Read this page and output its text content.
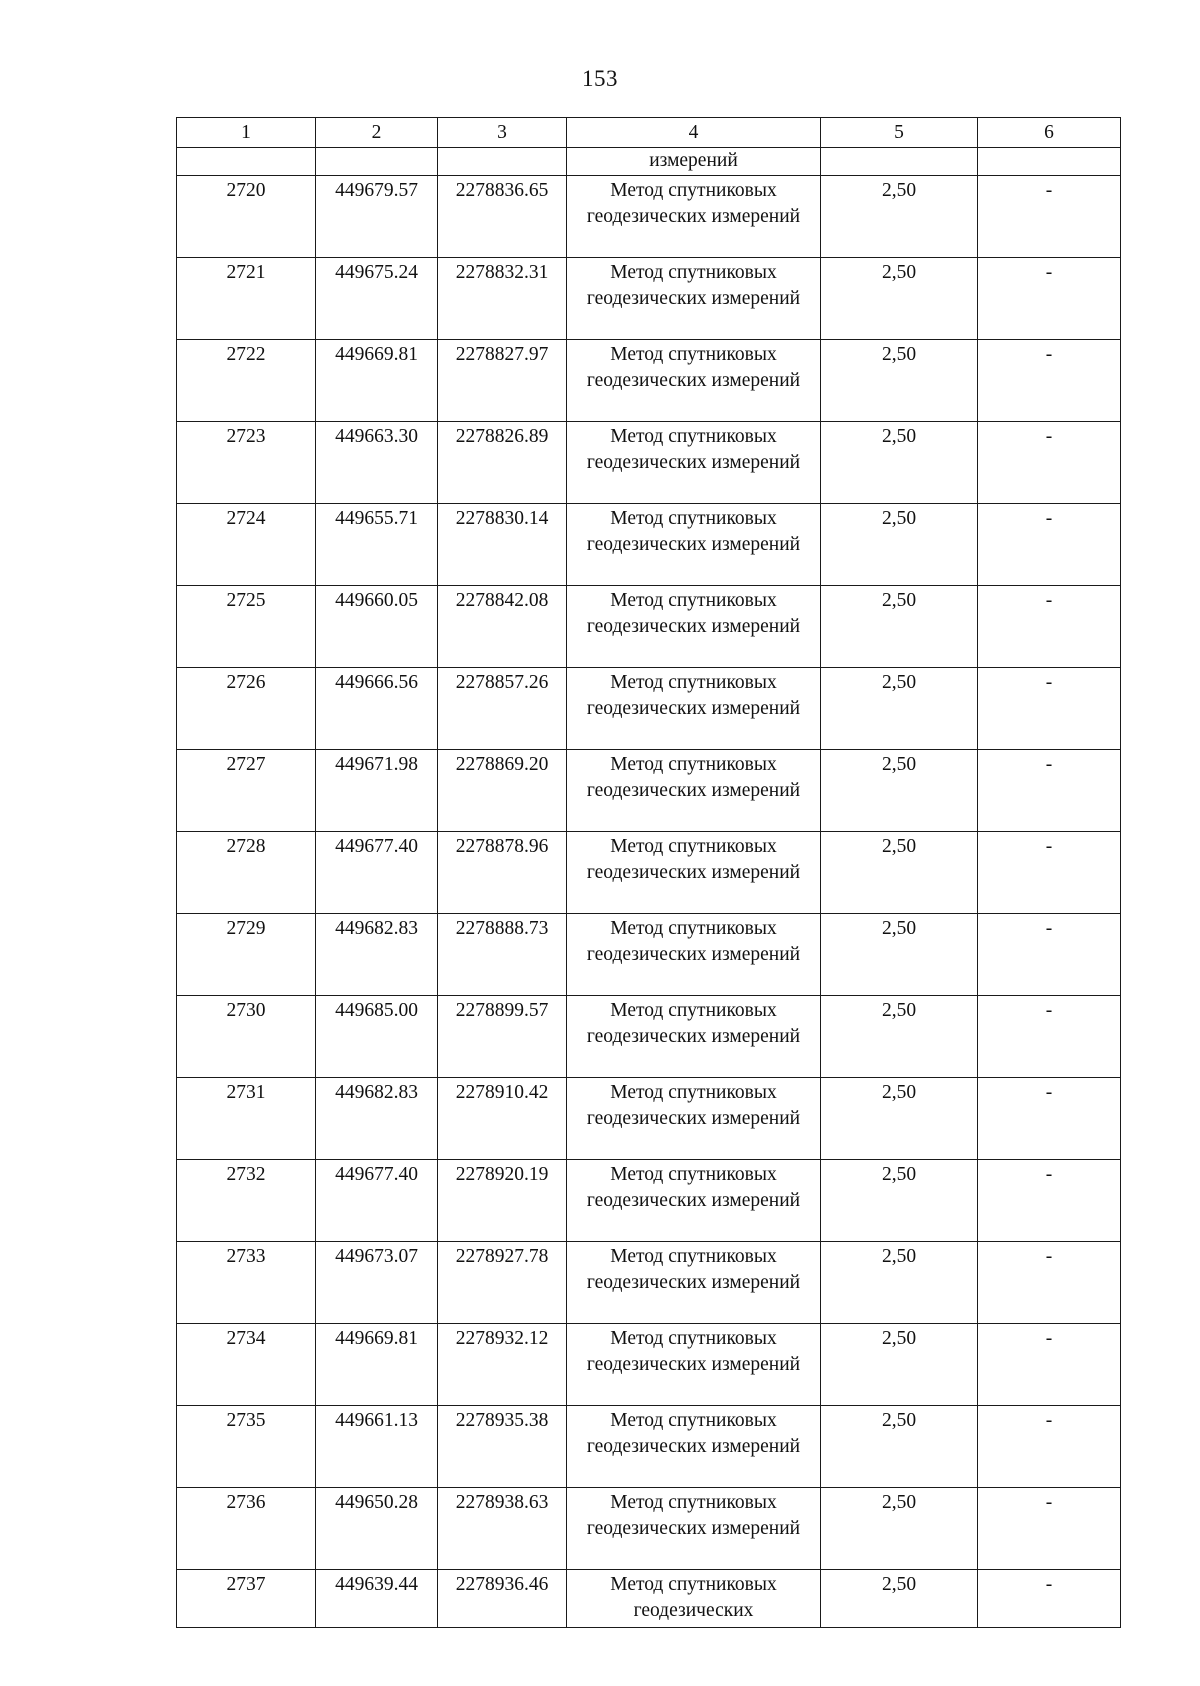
153
1	2	3	4	5	6
			измерений		
2720	449679.57	2278836.65	Метод спутниковых геодезических измерений	2,50	-
2721	449675.24	2278832.31	Метод спутниковых геодезических измерений	2,50	-
2722	449669.81	2278827.97	Метод спутниковых геодезических измерений	2,50	-
2723	449663.30	2278826.89	Метод спутниковых геодезических измерений	2,50	-
2724	449655.71	2278830.14	Метод спутниковых геодезических измерений	2,50	-
2725	449660.05	2278842.08	Метод спутниковых геодезических измерений	2,50	-
2726	449666.56	2278857.26	Метод спутниковых геодезических измерений	2,50	-
2727	449671.98	2278869.20	Метод спутниковых геодезических измерений	2,50	-
2728	449677.40	2278878.96	Метод спутниковых геодезических измерений	2,50	-
2729	449682.83	2278888.73	Метод спутниковых геодезических измерений	2,50	-
2730	449685.00	2278899.57	Метод спутниковых геодезических измерений	2,50	-
2731	449682.83	2278910.42	Метод спутниковых геодезических измерений	2,50	-
2732	449677.40	2278920.19	Метод спутниковых геодезических измерений	2,50	-
2733	449673.07	2278927.78	Метод спутниковых геодезических измерений	2,50	-
2734	449669.81	2278932.12	Метод спутниковых геодезических измерений	2,50	-
2735	449661.13	2278935.38	Метод спутниковых геодезических измерений	2,50	-
2736	449650.28	2278938.63	Метод спутниковых геодезических измерений	2,50	-
2737	449639.44	2278936.46	Метод спутниковых геодезических	2,50	-
